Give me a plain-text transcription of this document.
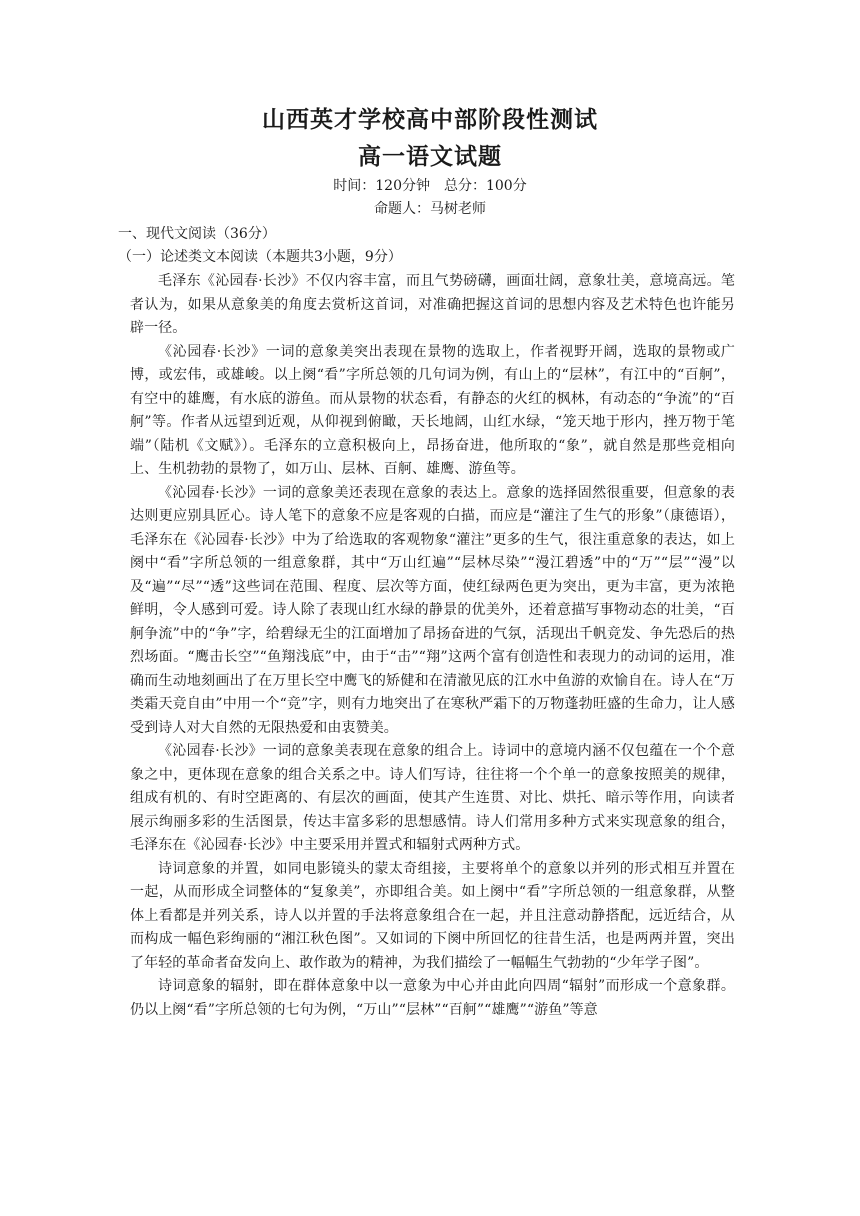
山西英才学校高中部阶段性测试
高一语文试题
时间：120分钟　总分：100分
命题人：马树老师
一、现代文阅读（36分）
（一）论述类文本阅读（本题共3小题，9分）

毛泽东《沁园春·长沙》不仅内容丰富，而且气势磅礴，画面壮阔，意象壮美，意境高远。笔者认为，如果从意象美的角度去赏析这首词，对准确把握这首词的思想内容及艺术特色也许能另辟一径。

《沁园春·长沙》一词的意象美突出表现在景物的选取上，作者视野开阔，选取的景物或广博，或宏伟，或雄峻。以上阕“看”字所总领的几句词为例，有山上的“层林”，有江中的“百舸”，有空中的雄鹰，有水底的游鱼。而从景物的状态看，有静态的火红的枫林，有动态的“争流”的“百舸”等。作者从远望到近观，从仰视到俯瞰，天长地阔，山红水绿，“笼天地于形内，挫万物于笔端”（陆机《文赋》）。毛泽东的立意积极向上，昂扬奋进，他所取的“象”，就自然是那些竞相向上、生机勃勃的景物了，如万山、层林、百舸、雄鹰、游鱼等。

《沁园春·长沙》一词的意象美还表现在意象的表达上。意象的选择固然很重要，但意象的表达则更应别具匠心。诗人笔下的意象不应是客观的白描，而应是“灌注了生气的形象”（康德语），毛泽东在《沁园春·长沙》中为了给选取的客观物象“灌注”更多的生气，很注重意象的表达，如上阕中“看”字所总领的一组意象群，其中“万山红遍”“层林尽染”“漫江碧透”中的“万”“层”“漫”以及“遍”“尽”“透”这些词在范围、程度、层次等方面，使红绿两色更为突出，更为丰富，更为浓艳鲜明，令人感到可爱。诗人除了表现山红水绿的静景的优美外，还着意描写事物动态的壮美，“百舸争流”中的“争”字，给碧绿无尘的江面增加了昂扬奋进的气氛，活现出千帆竞发、争先恐后的热烈场面。“鹰击长空”“鱼翔浅底”中，由于“击”“翔”这两个富有创造性和表现力的动词的运用，准确而生动地刻画出了在万里长空中鹰飞的矫健和在清澈见底的江水中鱼游的欢愉自在。诗人在“万类霜天竞自由”中用一个“竞”字，则有力地突出了在寒秋严霜下的万物蓬勃旺盛的生命力，让人感受到诗人对大自然的无限热爱和由衷赞美。

《沁园春·长沙》一词的意象美表现在意象的组合上。诗词中的意境内涵不仅包蕴在一个个意象之中，更体现在意象的组合关系之中。诗人们写诗，往往将一个个单一的意象按照美的规律，组成有机的、有时空距离的、有层次的画面，使其产生连贯、对比、烘托、暗示等作用，向读者展示绚丽多彩的生活图景，传达丰富多彩的思想感情。诗人们常用多种方式来实现意象的组合，毛泽东在《沁园春·长沙》中主要采用并置式和辐射式两种方式。

诗词意象的并置，如同电影镜头的蒙太奇组接，主要将单个的意象以并列的形式相互并置在一起，从而形成全词整体的“复象美”，亦即组合美。如上阕中“看”字所总领的一组意象群，从整体上看都是并列关系，诗人以并置的手法将意象组合在一起，并且注意动静搭配，远近结合，从而构成一幅色彩绚丽的“湘江秋色图”。又如词的下阕中所回忆的往昔生活，也是两两并置，突出了年轻的革命者奋发向上、敢作敢为的精神，为我们描绘了一幅幅生气勃勃的“少年学子图”。

诗词意象的辐射，即在群体意象中以一意象为中心并由此向四周“辐射”而形成一个意象群。仍以上阕“看”字所总领的七句为例，“万山”“层林”“百舸”“雄鹰”“游鱼”等意
